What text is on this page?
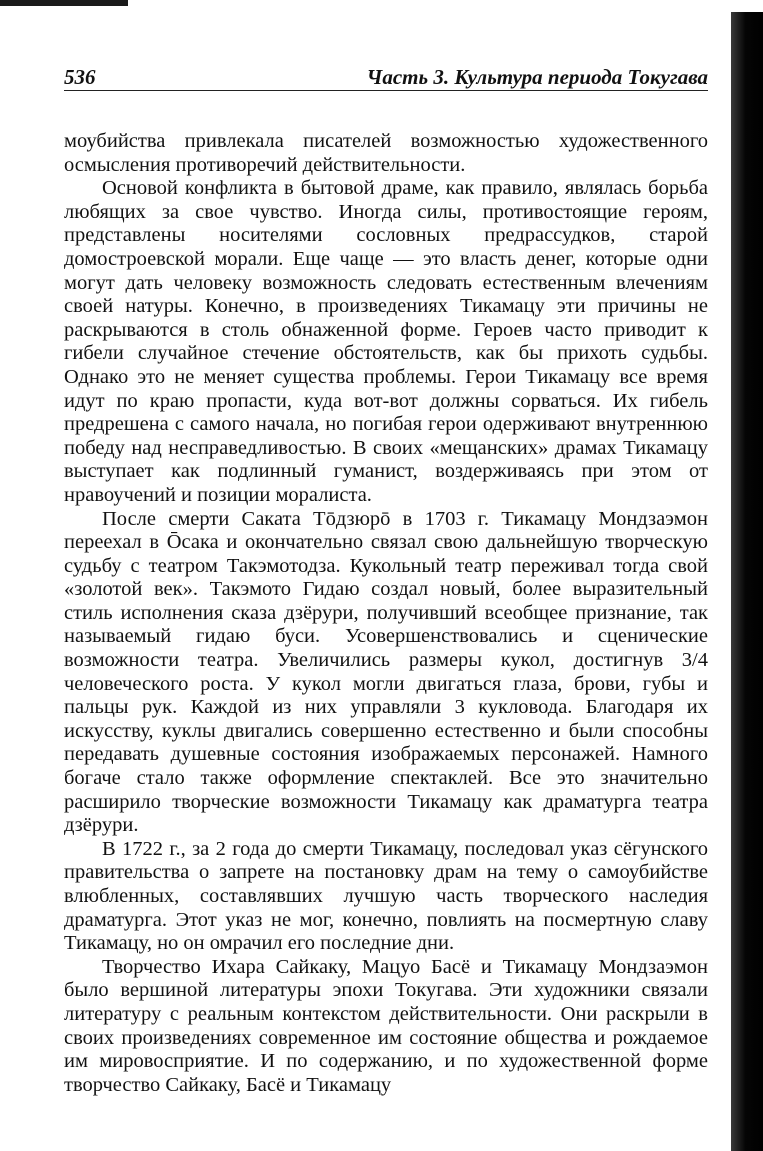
536	Часть 3. Культура периода Токугава

моубийства привлекала писателей возможностью художественного осмысления противоречий действительности.

Основой конфликта в бытовой драме, как правило, являлась борьба любящих за свое чувство. Иногда силы, противостоящие героям, представлены носителями сословных предрассудков, старой домостроевской морали. Еще чаще — это власть денег, которые одни могут дать человеку возможность следовать естественным влечениям своей натуры. Конечно, в произведениях Тикамацу эти причины не раскрываются в столь обнаженной форме. Героев часто приводит к гибели случайное стечение обстоятельств, как бы прихоть судьбы. Однако это не меняет существа проблемы. Герои Тикамацу все время идут по краю пропасти, куда вот-вот должны сорваться. Их гибель предрешена с самого начала, но погибая герои одерживают внутреннюю победу над несправедливостью. В своих «мещанских» драмах Тикамацу выступает как подлинный гуманист, воздерживаясь при этом от нравоучений и позиции моралиста.

После смерти Саката Тōдзюрō в 1703 г. Тикамацу Мондзаэмон переехал в Ōсака и окончательно связал свою дальнейшую творческую судьбу с театром Такэмотодза. Кукольный театр переживал тогда свой «золотой век». Такэмото Гидаю создал новый, более выразительный стиль исполнения сказа дзёрури, получивший всеобщее признание, так называемый гидаю буси. Усовершенствовались и сценические возможности театра. Увеличились размеры кукол, достигнув 3/4 человеческого роста. У кукол могли двигаться глаза, брови, губы и пальцы рук. Каждой из них управляли 3 кукловода. Благодаря их искусству, куклы двигались совершенно естественно и были способны передавать душевные состояния изображаемых персонажей. Намного богаче стало также оформление спектаклей. Все это значительно расширило творческие возможности Тикамацу как драматурга театра дзёрури.

В 1722 г., за 2 года до смерти Тикамацу, последовал указ сёгунского правительства о запрете на постановку драм на тему о самоубийстве влюбленных, составлявших лучшую часть творческого наследия драматурга. Этот указ не мог, конечно, повлиять на посмертную славу Тикамацу, но он омрачил его последние дни.

Творчество Ихара Сайкаку, Мацуо Басё и Тикамацу Мондзаэмон было вершиной литературы эпохи Токугава. Эти художники связали литературу с реальным контекстом действительности. Они раскрыли в своих произведениях современное им состояние общества и рождаемое им мировосприятие. И по содержанию, и по художественной форме творчество Сайкаку, Басё и Тикамацу
